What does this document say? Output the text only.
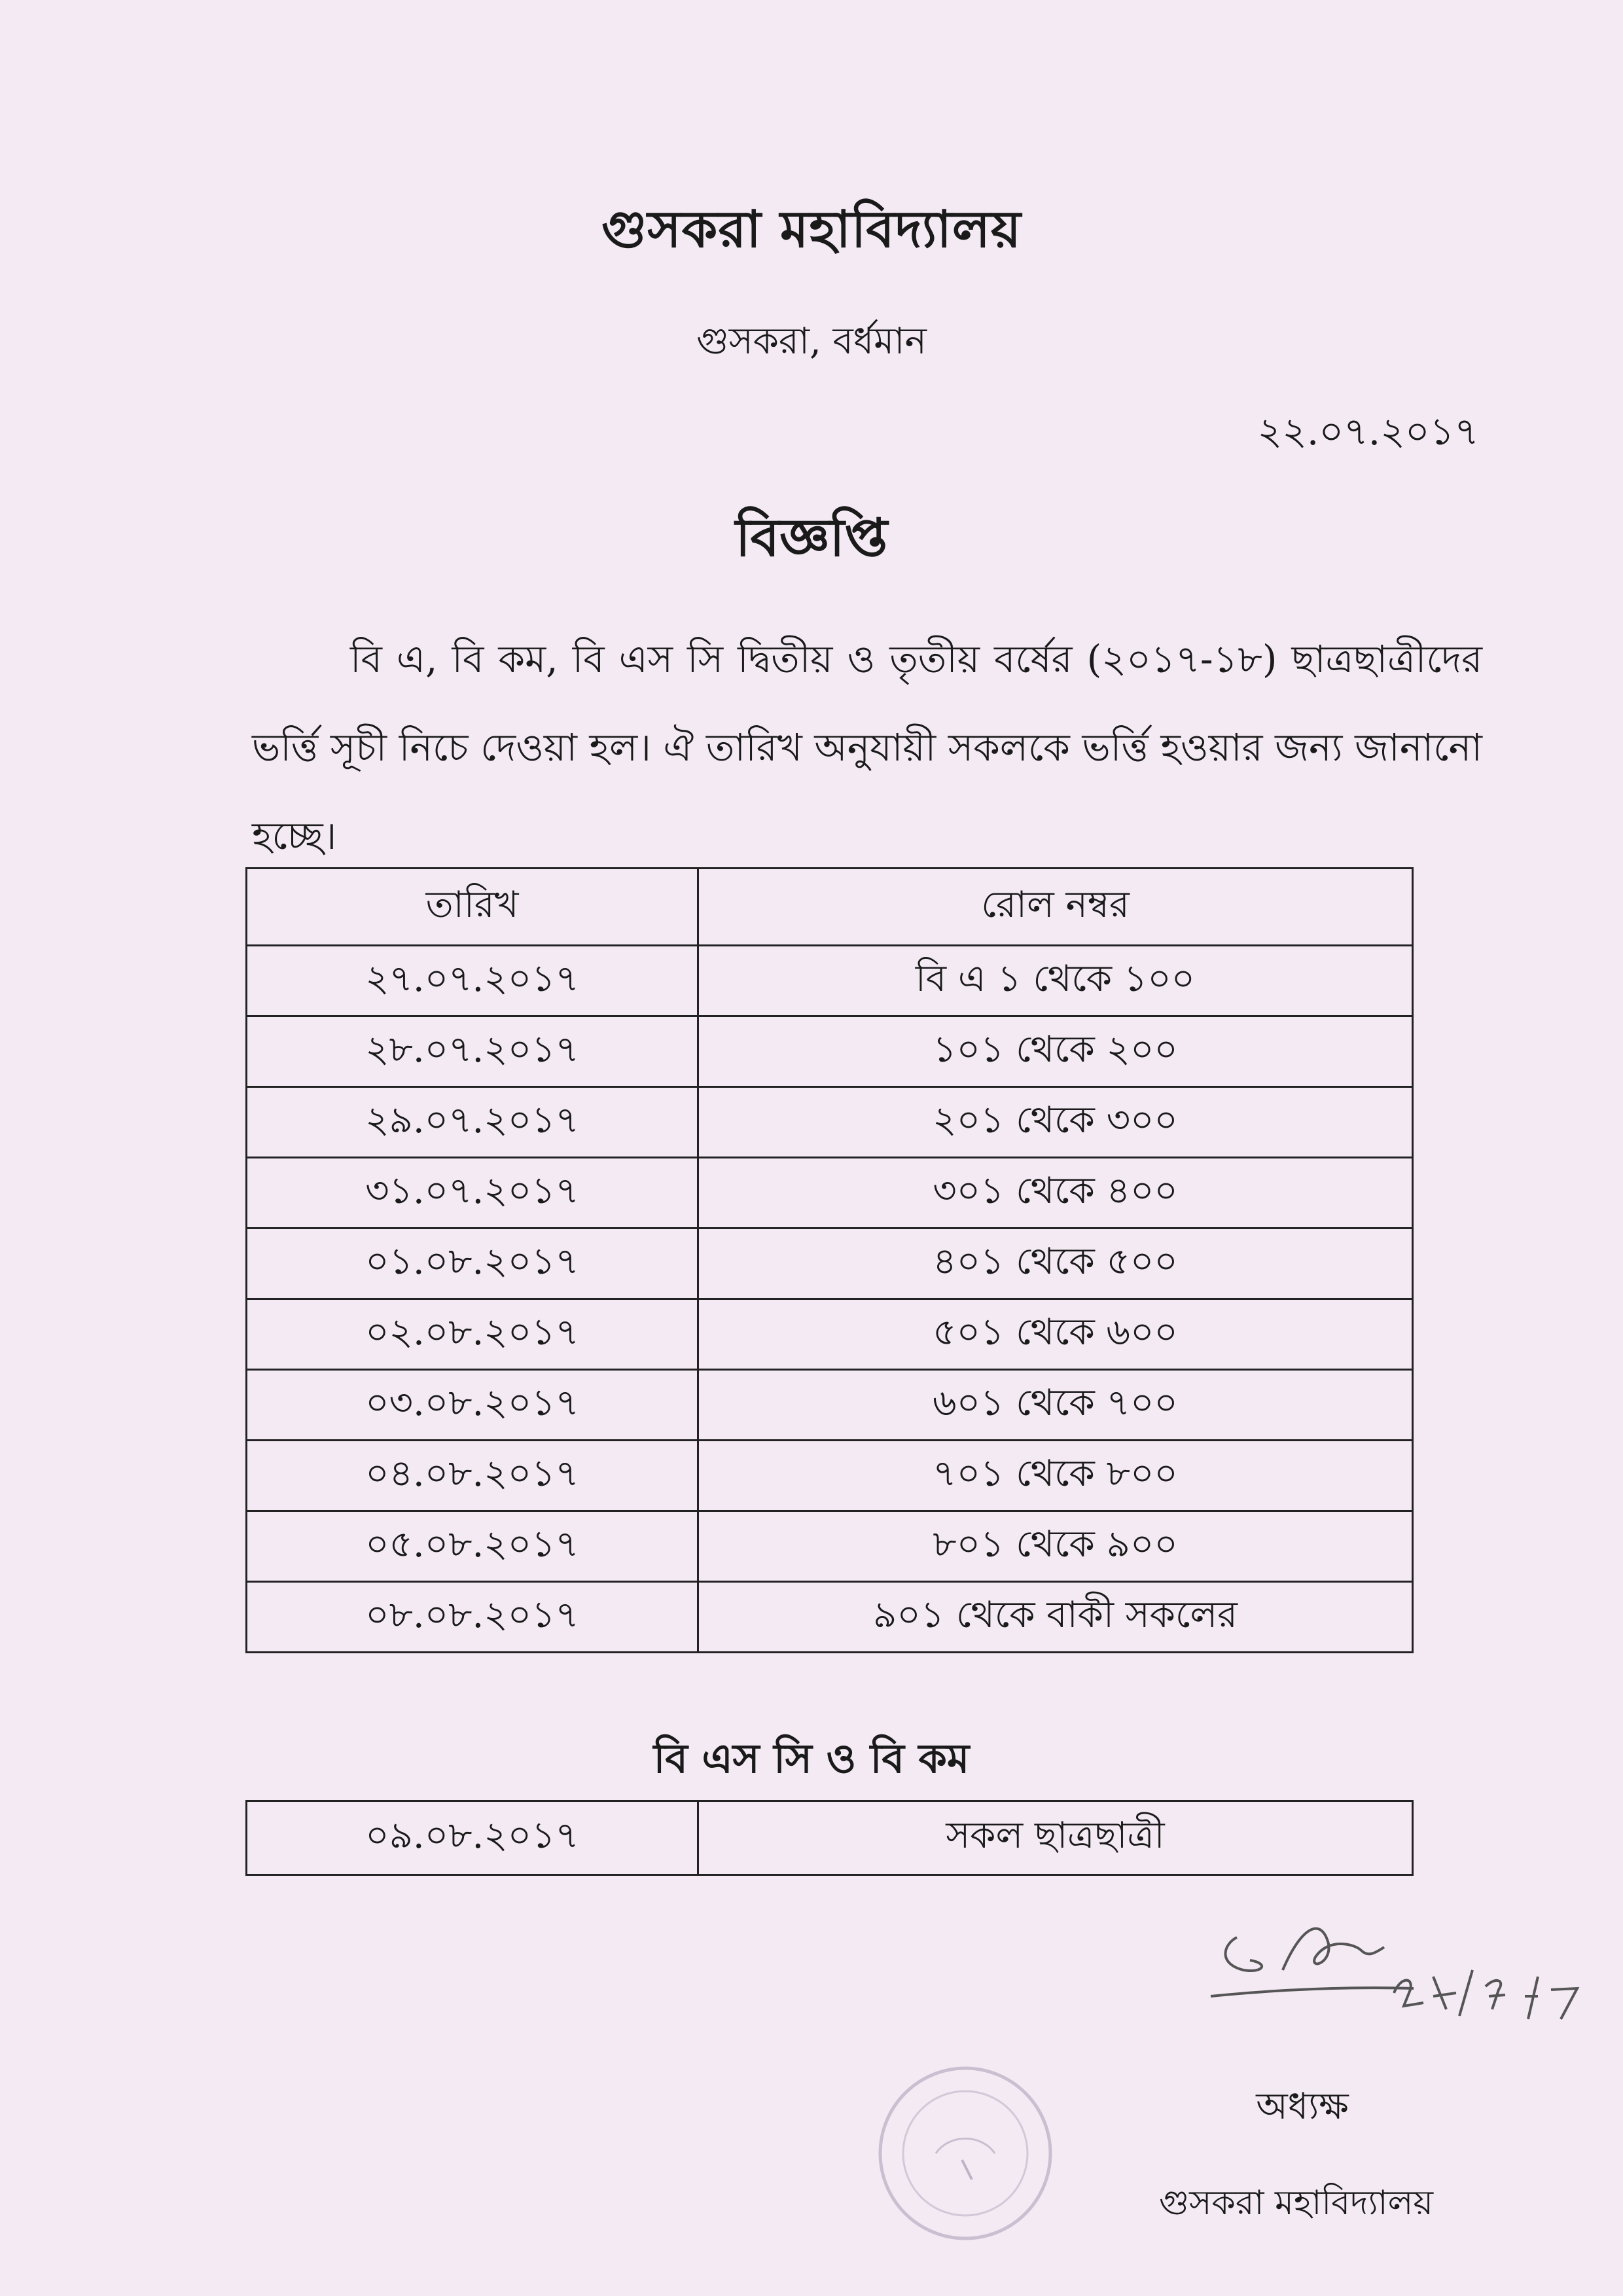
গুসকরা মহাবিদ্যালয়
গুসকরা, বর্ধমান
২২.০৭.২০১৭
বিজ্ঞপ্তি
বি এ, বি কম, বি এস সি দ্বিতীয় ও তৃতীয় বর্ষের (২০১৭-১৮) ছাত্রছাত্রীদের ভর্ত্তি সূচী নিচে দেওয়া হল। ঐ তারিখ অনুযায়ী সকলকে ভর্ত্তি হওয়ার জন্য জানানো হচ্ছে।
তারিখ	রোল নম্বর
২৭.০৭.২০১৭	বি এ ১ থেকে ১০০
২৮.০৭.২০১৭	১০১ থেকে ২০০
২৯.০৭.২০১৭	২০১ থেকে ৩০০
৩১.০৭.২০১৭	৩০১ থেকে ৪০০
০১.০৮.২০১৭	৪০১ থেকে ৫০০
০২.০৮.২০১৭	৫০১ থেকে ৬০০
০৩.০৮.২০১৭	৬০১ থেকে ৭০০
০৪.০৮.২০১৭	৭০১ থেকে ৮০০
০৫.০৮.২০১৭	৮০১ থেকে ৯০০
০৮.০৮.২০১৭	৯০১ থেকে বাকী সকলের
বি এস সি ও বি কম
০৯.০৮.২০১৭	সকল ছাত্রছাত্রী
অধ্যক্ষ
গুসকরা মহাবিদ্যালয়
